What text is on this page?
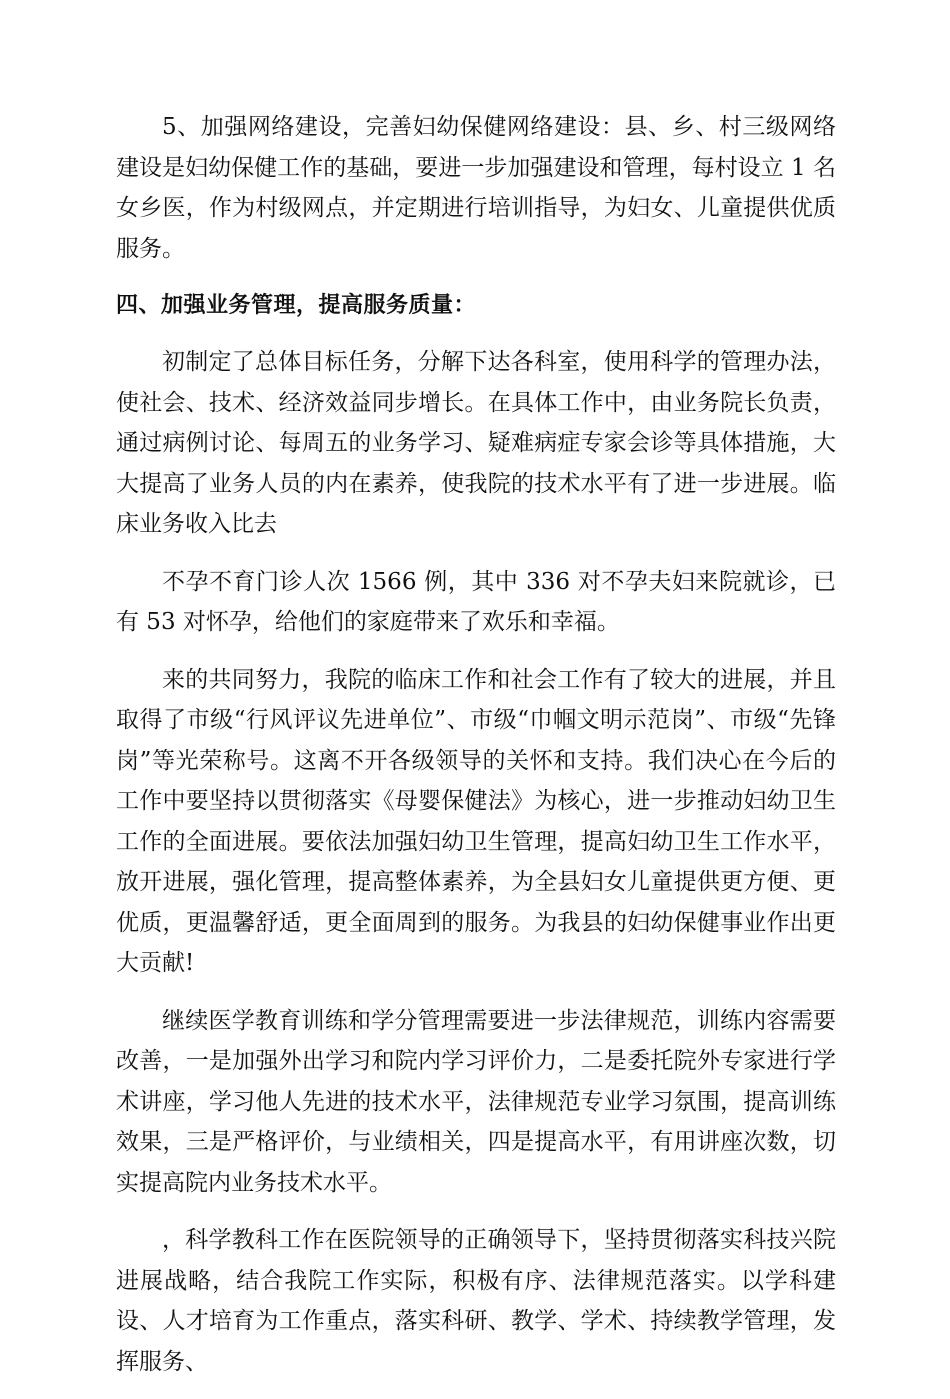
5、加强网络建设，完善妇幼保健网络建设：县、乡、村三级网络建设是妇幼保健工作的基础，要进一步加强建设和管理，每村设立 1 名女乡医，作为村级网点，并定期进行培训指导，为妇女、儿童提供优质服务。

四、加强业务管理，提高服务质量：

初制定了总体目标任务，分解下达各科室，使用科学的管理办法，使社会、技术、经济效益同步增长。在具体工作中，由业务院长负责，通过病例讨论、每周五的业务学习、疑难病症专家会诊等具体措施，大大提高了业务人员的内在素养，使我院的技术水平有了进一步进展。临床业务收入比去

不孕不育门诊人次 1566 例，其中 336 对不孕夫妇来院就诊，已有 53 对怀孕，给他们的家庭带来了欢乐和幸福。

来的共同努力，我院的临床工作和社会工作有了较大的进展，并且取得了市级“行风评议先进单位”、市级“巾帼文明示范岗”、市级“先锋岗”等光荣称号。这离不开各级领导的关怀和支持。我们决心在今后的工作中要坚持以贯彻落实《母婴保健法》为核心，进一步推动妇幼卫生工作的全面进展。要依法加强妇幼卫生管理，提高妇幼卫生工作水平，放开进展，强化管理，提高整体素养，为全县妇女儿童提供更方便、更优质，更温馨舒适，更全面周到的服务。为我县的妇幼保健事业作出更大贡献!

继续医学教育训练和学分管理需要进一步法律规范，训练内容需要改善，一是加强外出学习和院内学习评价力，二是委托院外专家进行学术讲座，学习他人先进的技术水平，法律规范专业学习氛围，提高训练效果，三是严格评价，与业绩相关，四是提高水平，有用讲座次数，切实提高院内业务技术水平。

，科学教科工作在医院领导的正确领导下，坚持贯彻落实科技兴院进展战略，结合我院工作实际，积极有序、法律规范落实。以学科建设、人才培育为工作重点，落实科研、教学、学术、持续教学管理，发挥服务、
